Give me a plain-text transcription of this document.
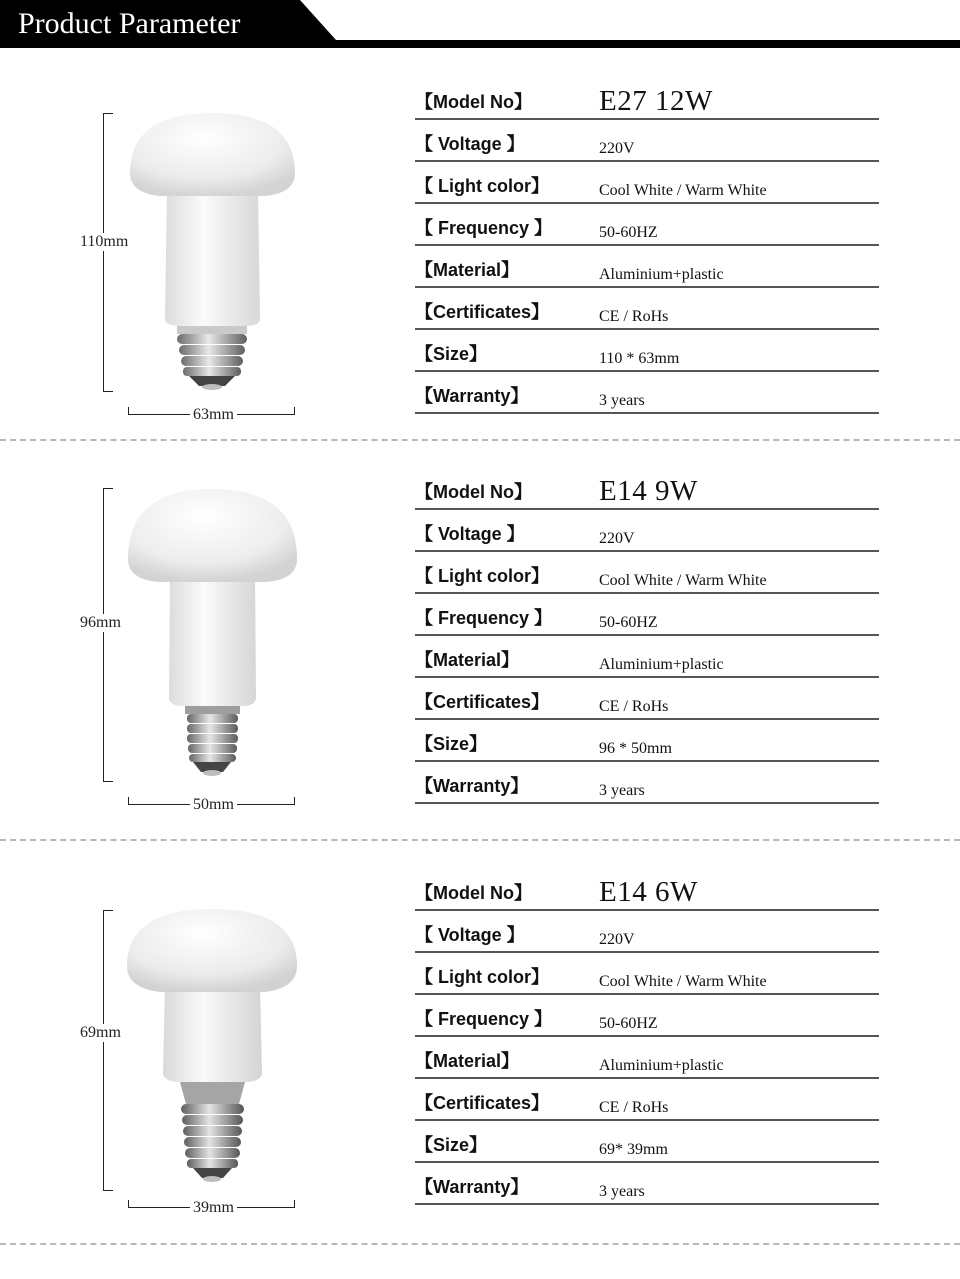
Product Parameter
110mm
63mm
【Model No】 E27 12W
【 Voltage 】	220V
【 Light color】	Cool White / Warm White
【 Frequency 】	50-60HZ
【Material】	Aluminium+plastic
【Certificates】	CE / RoHs
【Size】	110 * 63mm
【Warranty】	3 years
96mm
50mm
【Model No】 E14 9W
【 Voltage 】	220V
【 Light color】	Cool White / Warm White
【 Frequency 】	50-60HZ
【Material】	Aluminium+plastic
【Certificates】	CE / RoHs
【Size】	96 * 50mm
【Warranty】	3 years
69mm
39mm
【Model No】 E14 6W
【 Voltage 】	220V
【 Light color】	Cool White / Warm White
【 Frequency 】	50-60HZ
【Material】	Aluminium+plastic
【Certificates】	CE / RoHs
【Size】	69* 39mm
【Warranty】	3 years
